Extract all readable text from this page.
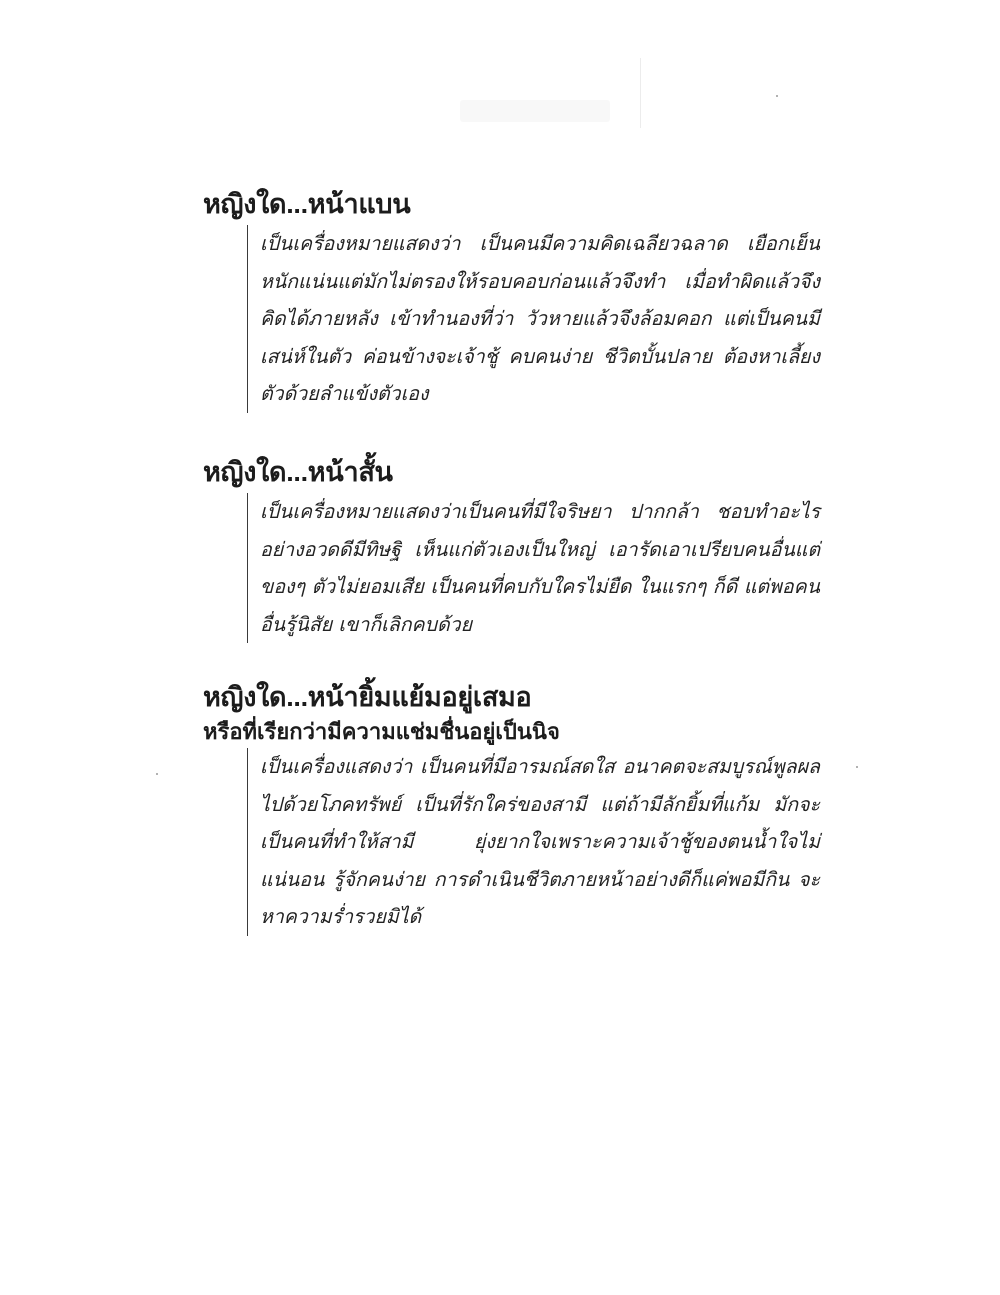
หญิงใด...หน้าแบน

เป็นเครื่องหมายแสดงว่า เป็นคนมีความคิดเฉลียวฉลาด เยือกเย็น หนักแน่นแต่มักไม่ตรองให้รอบคอบก่อนแล้วจึงทำ เมื่อทำผิดแล้วจึงคิดได้ภายหลัง เข้าทำนองที่ว่า วัวหายแล้วจึงล้อมคอก แต่เป็นคนมีเสน่ห์ในตัว ค่อนข้างจะเจ้าชู้ คบคนง่าย ชีวิตบั้นปลาย ต้องหาเลี้ยงตัวด้วยลำแข้งตัวเอง

หญิงใด...หน้าสั้น

เป็นเครื่องหมายแสดงว่าเป็นคนที่มีใจริษยา ปากกล้า ชอบทำอะไรอย่างอวดดีมีทิษฐิ เห็นแก่ตัวเองเป็นใหญ่ เอารัดเอาเปรียบคนอื่นแต่ของๆ ตัวไม่ยอมเสีย เป็นคนที่คบกับใครไม่ยืด ในแรกๆ ก็ดี แต่พอคนอื่นรู้นิสัย เขาก็เลิกคบด้วย

หญิงใด...หน้ายิ้มแย้มอยู่เสมอ
หรือที่เรียกว่ามีความแช่มชื่นอยู่เป็นนิจ

เป็นเครื่องแสดงว่า เป็นคนที่มีอารมณ์สดใส อนาคตจะสมบูรณ์พูลผล ไปด้วยโภคทรัพย์ เป็นที่รักใคร่ของสามี แต่ถ้ามีลักยิ้มที่แก้ม มักจะเป็นคนที่ทำให้สามี ยุ่งยากใจเพราะความเจ้าชู้ของตนน้ำใจไม่แน่นอน รู้จักคนง่าย การดำเนินชีวิตภายหน้าอย่างดีก็แค่พอมีกิน จะหาความร่ำรวยมิได้
